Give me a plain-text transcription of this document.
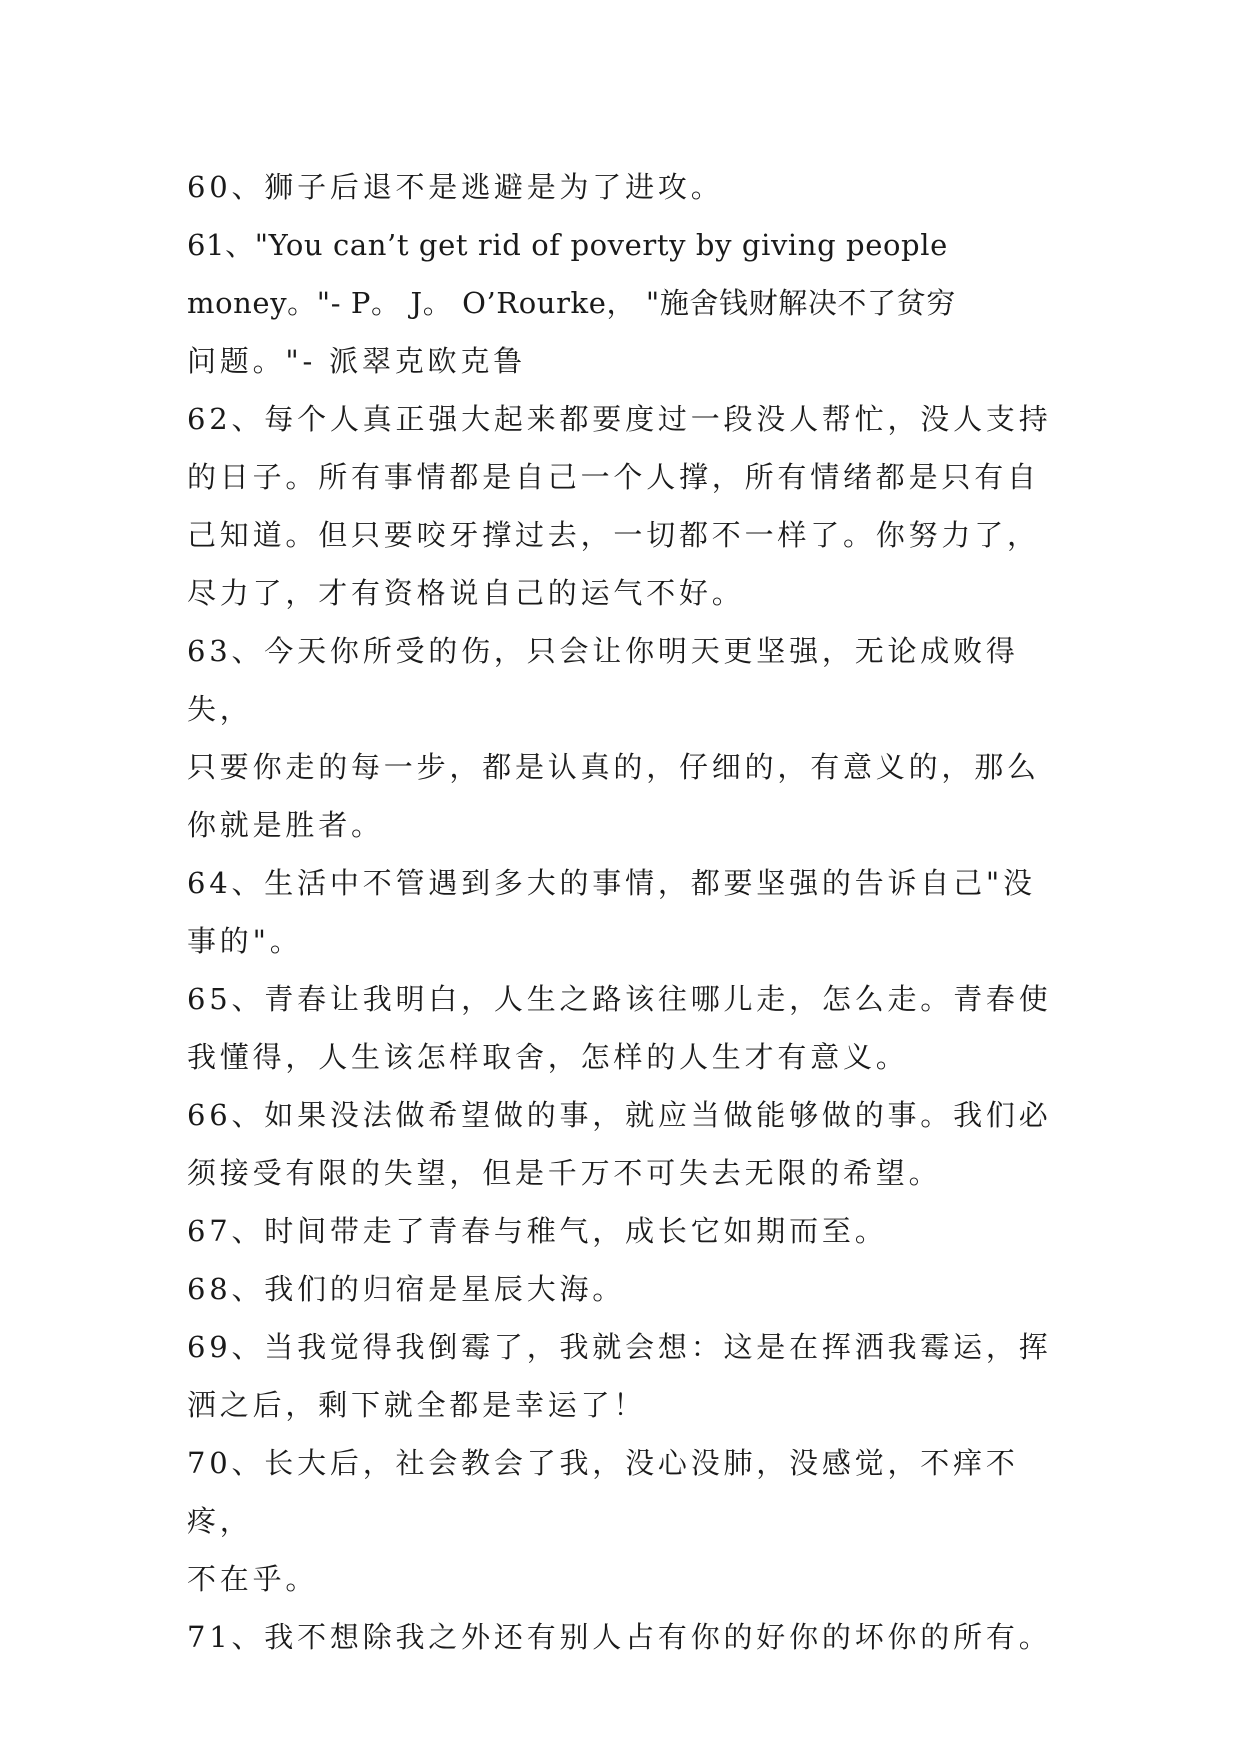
60、狮子后退不是逃避是为了进攻。

61、"You can’t get rid of poverty by giving people

money。"- P。 J。 O’Rourke， "施舍钱财解决不了贫穷

问题。"- 派翠克欧克鲁

62、每个人真正强大起来都要度过一段没人帮忙，没人支持

的日子。所有事情都是自己一个人撑，所有情绪都是只有自

己知道。但只要咬牙撑过去，一切都不一样了。你努力了，

尽力了，才有资格说自己的运气不好。

63、今天你所受的伤，只会让你明天更坚强，无论成败得失，

只要你走的每一步，都是认真的，仔细的，有意义的，那么

你就是胜者。

64、生活中不管遇到多大的事情，都要坚强的告诉自己"没

事的"。

65、青春让我明白，人生之路该往哪儿走，怎么走。青春使

我懂得，人生该怎样取舍，怎样的人生才有意义。

66、如果没法做希望做的事，就应当做能够做的事。我们必

须接受有限的失望，但是千万不可失去无限的希望。

67、时间带走了青春与稚气，成长它如期而至。

68、我们的归宿是星辰大海。

69、当我觉得我倒霉了，我就会想：这是在挥洒我霉运，挥

洒之后，剩下就全都是幸运了！

70、长大后，社会教会了我，没心没肺，没感觉，不痒不疼，

不在乎。

71、我不想除我之外还有别人占有你的好你的坏你的所有。
